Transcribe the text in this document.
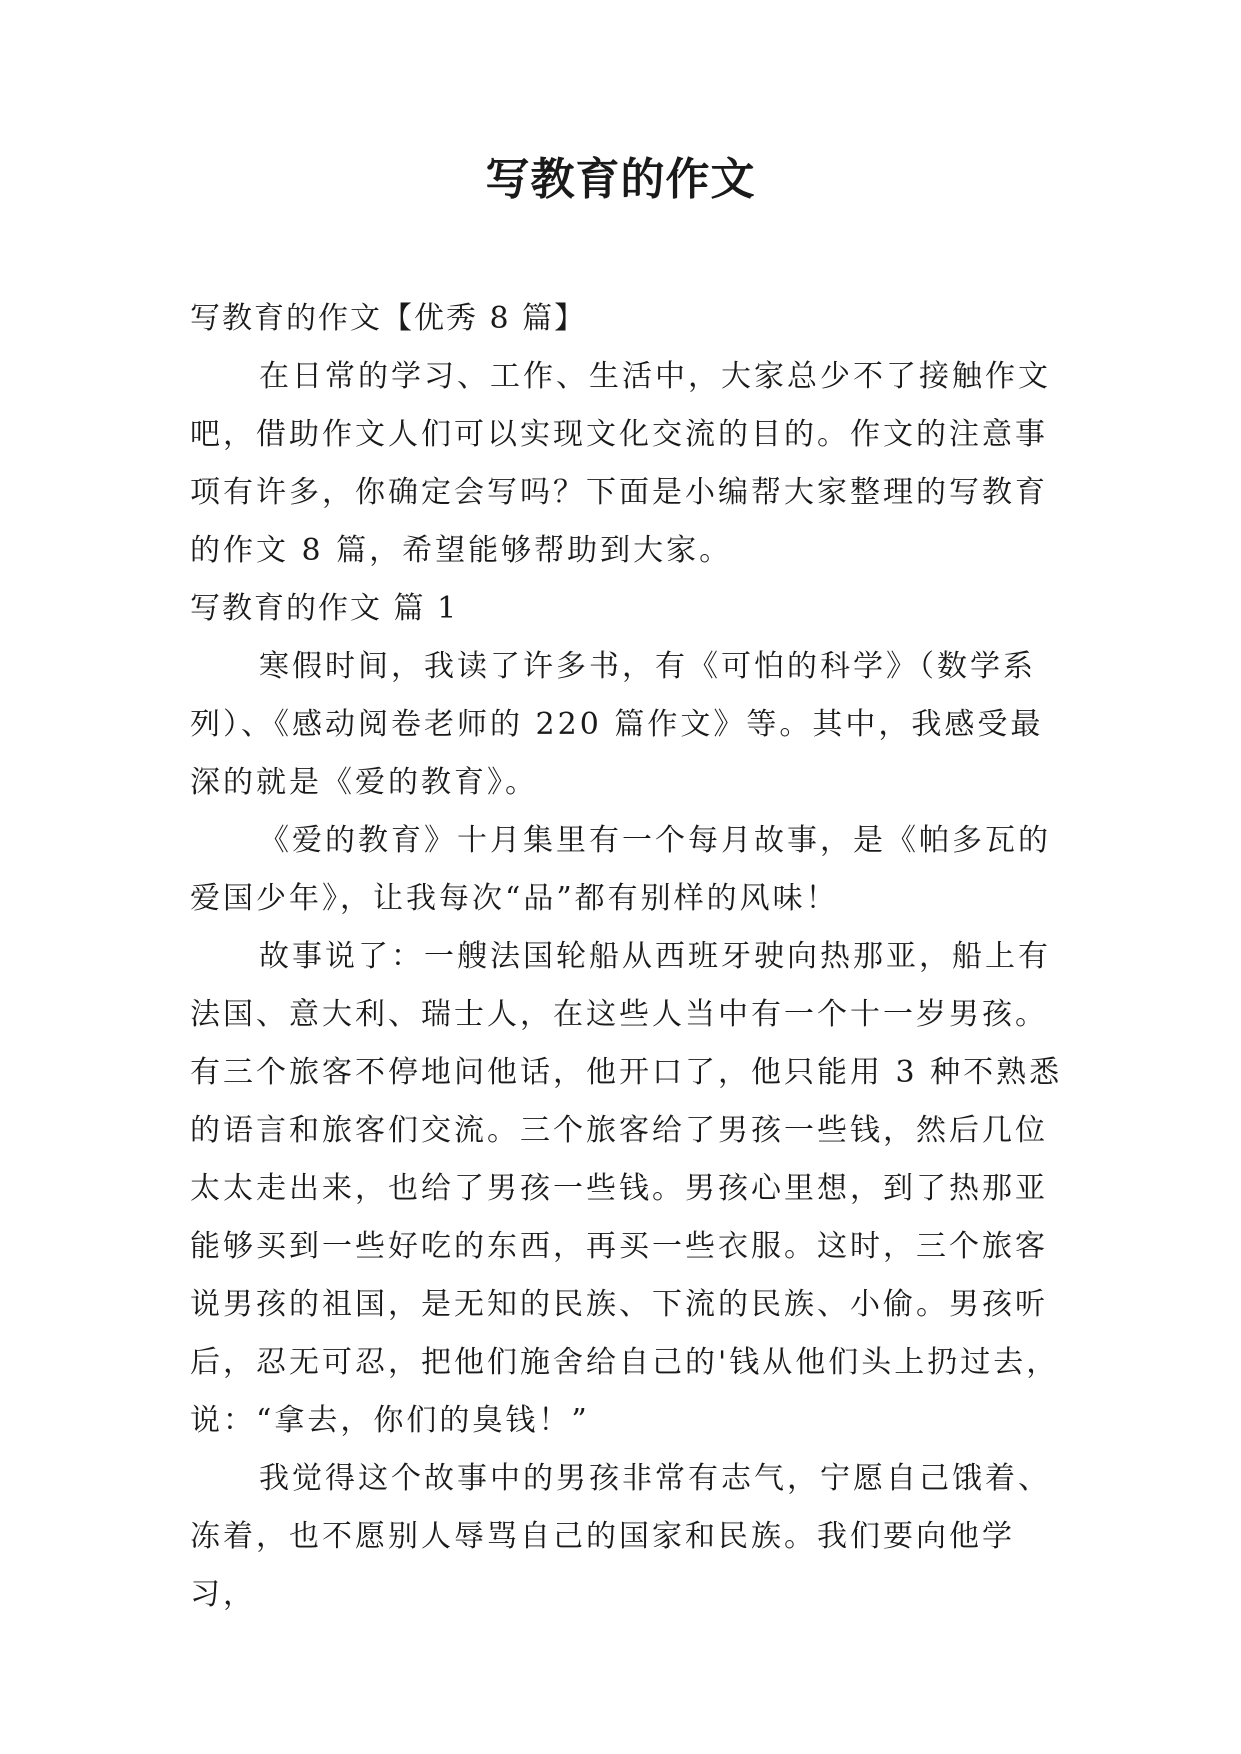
写教育的作文

写教育的作文【优秀 8 篇】

在日常的学习、工作、生活中，大家总少不了接触作文吧，借助作文人们可以实现文化交流的目的。作文的注意事项有许多，你确定会写吗？下面是小编帮大家整理的写教育的作文 8 篇，希望能够帮助到大家。

写教育的作文 篇 1

寒假时间，我读了许多书，有《可怕的科学》（数学系列）、《感动阅卷老师的 220 篇作文》等。其中，我感受最深的就是《爱的教育》。

《爱的教育》十月集里有一个每月故事，是《帕多瓦的爱国少年》，让我每次“品”都有别样的风味！

故事说了：一艘法国轮船从西班牙驶向热那亚，船上有法国、意大利、瑞士人，在这些人当中有一个十一岁男孩。有三个旅客不停地问他话，他开口了，他只能用 3 种不熟悉的语言和旅客们交流。三个旅客给了男孩一些钱，然后几位太太走出来，也给了男孩一些钱。男孩心里想，到了热那亚能够买到一些好吃的东西，再买一些衣服。这时，三个旅客说男孩的祖国，是无知的民族、下流的民族、小偷。男孩听后，忍无可忍，把他们施舍给自己的'钱从他们头上扔过去，说：“拿去，你们的臭钱！”

我觉得这个故事中的男孩非常有志气，宁愿自己饿着、冻着，也不愿别人辱骂自己的国家和民族。我们要向他学习，
